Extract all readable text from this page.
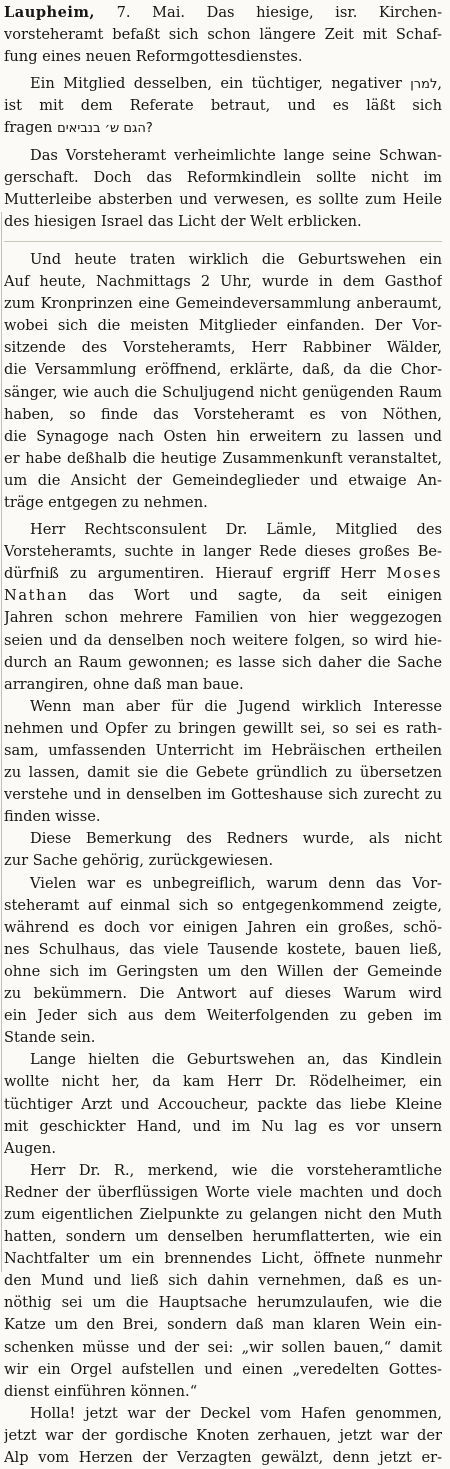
Laupheim, 7. Mai. Das hiesige, isr. Kirchen-

vorsteheramt befaßt sich schon längere Zeit mit Schaf-

fung eines neuen Reformgottesdienstes.

Ein Mitglied desselben, ein tüchtiger, negativer למרן,

ist mit dem Referate betraut, und es läßt sich

fragen ?הגם ש׳ בנביאים

Das Vorsteheramt verheimlichte lange seine Schwan-

gerschaft. Doch das Reformkindlein sollte nicht im

Mutterleibe absterben und verwesen, es sollte zum Heile

des hiesigen Israel das Licht der Welt erblicken.

Und heute traten wirklich die Geburtswehen ein

Auf heute, Nachmittags 2 Uhr, wurde in dem Gasthof

zum Kronprinzen eine Gemeindeversammlung anberaumt,

wobei sich die meisten Mitglieder einfanden. Der Vor-

sitzende des Vorsteheramts, Herr Rabbiner Wälder,

die Versammlung eröffnend, erklärte, daß, da die Chor-

sänger, wie auch die Schuljugend nicht genügenden Raum

haben, so finde das Vorsteheramt es von Nöthen,

die Synagoge nach Osten hin erweitern zu lassen und

er habe deßhalb die heutige Zusammenkunft veranstaltet,

um die Ansicht der Gemeindeglieder und etwaige An-

träge entgegen zu nehmen.

Herr Rechtsconsulent Dr. Lämle, Mitglied des

Vorsteheramts, suchte in langer Rede dieses großes Be-

dürfniß zu argumentiren. Hierauf ergriff Herr Moses

Nathan das Wort und sagte, da seit einigen

Jahren schon mehrere Familien von hier weggezogen

seien und da denselben noch weitere folgen, so wird hie-

durch an Raum gewonnen; es lasse sich daher die Sache

arrangiren, ohne daß man baue.

Wenn man aber für die Jugend wirklich Interesse

nehmen und Opfer zu bringen gewillt sei, so sei es rath-

sam, umfassenden Unterricht im Hebräischen ertheilen

zu lassen, damit sie die Gebete gründlich zu übersetzen

verstehe und in denselben im Gotteshause sich zurecht zu

finden wisse.

Diese Bemerkung des Redners wurde, als nicht

zur Sache gehörig, zurückgewiesen.

Vielen war es unbegreiflich, warum denn das Vor-

steheramt auf einmal sich so entgegenkommend zeigte,

während es doch vor einigen Jahren ein großes, schö-

nes Schulhaus, das viele Tausende kostete, bauen ließ,

ohne sich im Geringsten um den Willen der Gemeinde

zu bekümmern. Die Antwort auf dieses Warum wird

ein Jeder sich aus dem Weiterfolgenden zu geben im

Stande sein.

Lange hielten die Geburtswehen an, das Kindlein

wollte nicht her, da kam Herr Dr. Rödelheimer, ein

tüchtiger Arzt und Accoucheur, packte das liebe Kleine

mit geschickter Hand, und im Nu lag es vor unsern

Augen.

Herr Dr. R., merkend, wie die vorsteheramtliche

Redner der überflüssigen Worte viele machten und doch

zum eigentlichen Zielpunkte zu gelangen nicht den Muth

hatten, sondern um denselben herumflatterten, wie ein

Nachtfalter um ein brennendes Licht, öffnete nunmehr

den Mund und ließ sich dahin vernehmen, daß es un-

nöthig sei um die Hauptsache herumzulaufen, wie die

Katze um den Brei, sondern daß man klaren Wein ein-

schenken müsse und der sei: „wir sollen bauen,“ damit

wir ein Orgel aufstellen und einen „veredelten Gottes-

dienst einführen können.“

Holla! jetzt war der Deckel vom Hafen genommen,

jetzt war der gordische Knoten zerhauen, jetzt war der

Alp vom Herzen der Verzagten gewälzt, denn jetzt er-
